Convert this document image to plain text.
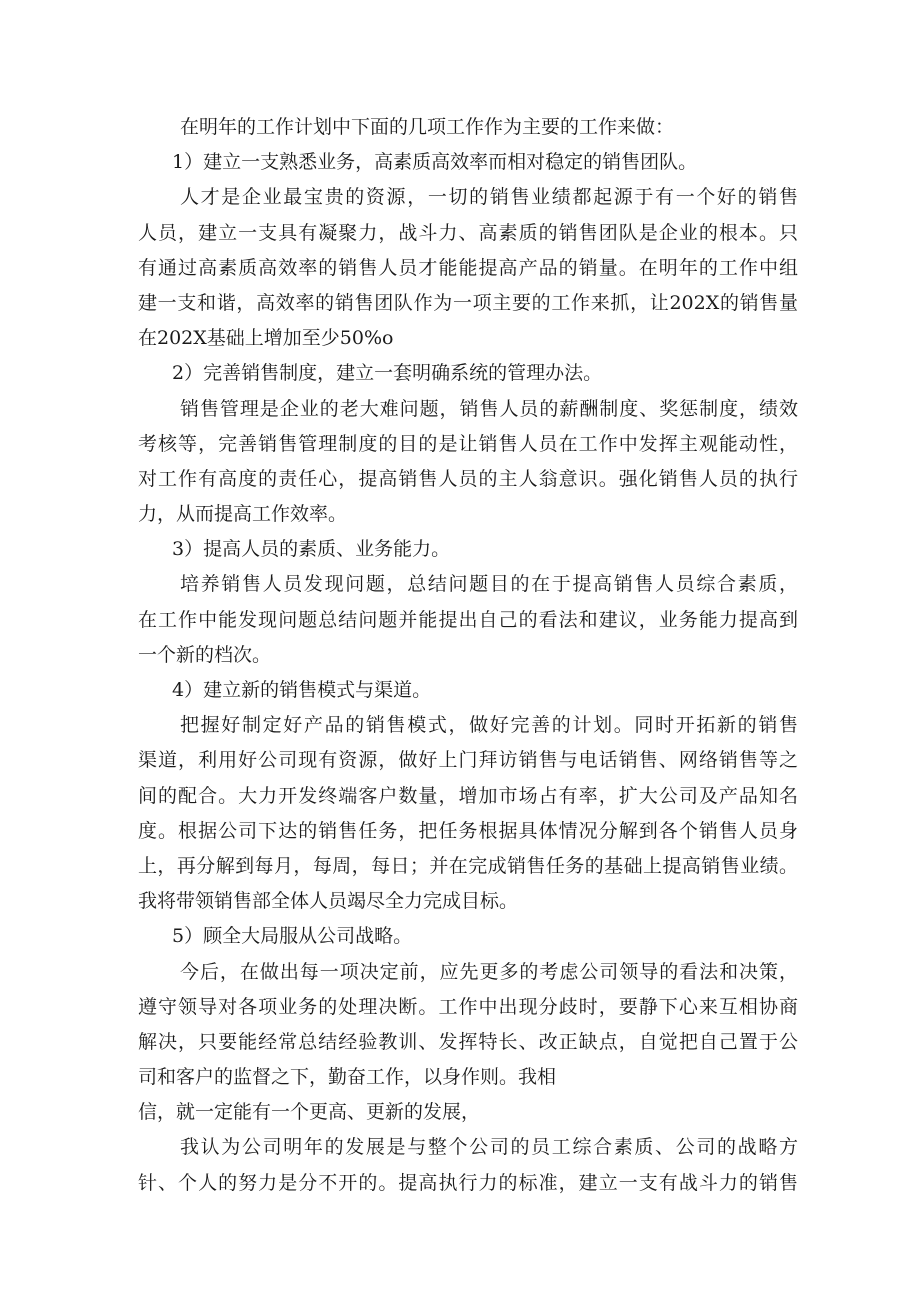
在明年的工作计划中下面的几项工作作为主要的工作来做：
1）建立一支熟悉业务，高素质高效率而相对稳定的销售团队。
人才是企业最宝贵的资源，一切的销售业绩都起源于有一个好的销售
人员，建立一支具有凝聚力，战斗力、高素质的销售团队是企业的根本。只
有通过高素质高效率的销售人员才能能提高产品的销量。在明年的工作中组
建一支和谐，高效率的销售团队作为一项主要的工作来抓，让202X的销售量
在202X基础上增加至少50%o
2）完善销售制度，建立一套明确系统的管理办法。
销售管理是企业的老大难问题，销售人员的薪酬制度、奖惩制度，绩效
考核等，完善销售管理制度的目的是让销售人员在工作中发挥主观能动性，
对工作有高度的责任心，提高销售人员的主人翁意识。强化销售人员的执行
力，从而提高工作效率。
3）提高人员的素质、业务能力。
培养销售人员发现问题，总结问题目的在于提高销售人员综合素质，
在工作中能发现问题总结问题并能提出自己的看法和建议，业务能力提高到
一个新的档次。
4）建立新的销售模式与渠道。
把握好制定好产品的销售模式，做好完善的计划。同时开拓新的销售
渠道，利用好公司现有资源，做好上门拜访销售与电话销售、网络销售等之
间的配合。大力开发终端客户数量，增加市场占有率，扩大公司及产品知名
度。根据公司下达的销售任务，把任务根据具体情况分解到各个销售人员身
上，再分解到每月，每周，每日；并在完成销售任务的基础上提高销售业绩。
我将带领销售部全体人员竭尽全力完成目标。
5）顾全大局服从公司战略。
今后，在做出每一项决定前，应先更多的考虑公司领导的看法和决策，
遵守领导对各项业务的处理决断。工作中出现分歧时，要静下心来互相协商
解决，只要能经常总结经验教训、发挥特长、改正缺点，自觉把自己置于公
司和客户的监督之下，勤奋工作，以身作则。我相
信，就一定能有一个更高、更新的发展，
我认为公司明年的发展是与整个公司的员工综合素质、公司的战略方
针、个人的努力是分不开的。提高执行力的标准，建立一支有战斗力的销售
